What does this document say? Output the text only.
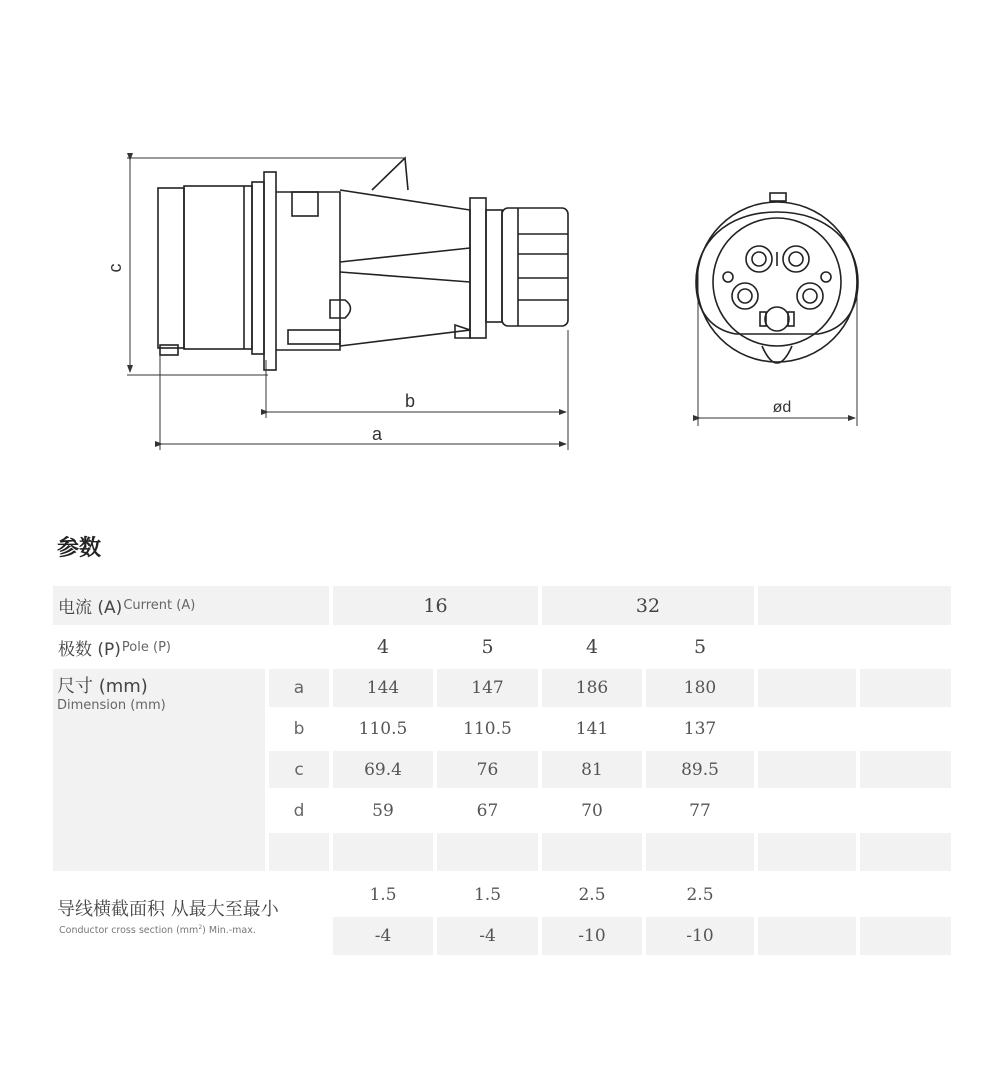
c
b
a
ød
参数
电流 (A) Current (A)	16	32
极数 (P) Pole (P)	4	5	4	5
尺寸 (mm)
Dimension (mm)
a	144	147	186	180
b	110.5	110.5	141	137
c	69.4	76	81	89.5
d	59	67	70	77
导线横截面积 从最大至最小
Conductor cross section $(mm^2)$ Min.-max.
1.5	1.5	2.5	2.5
-4	-4	-10	-10
